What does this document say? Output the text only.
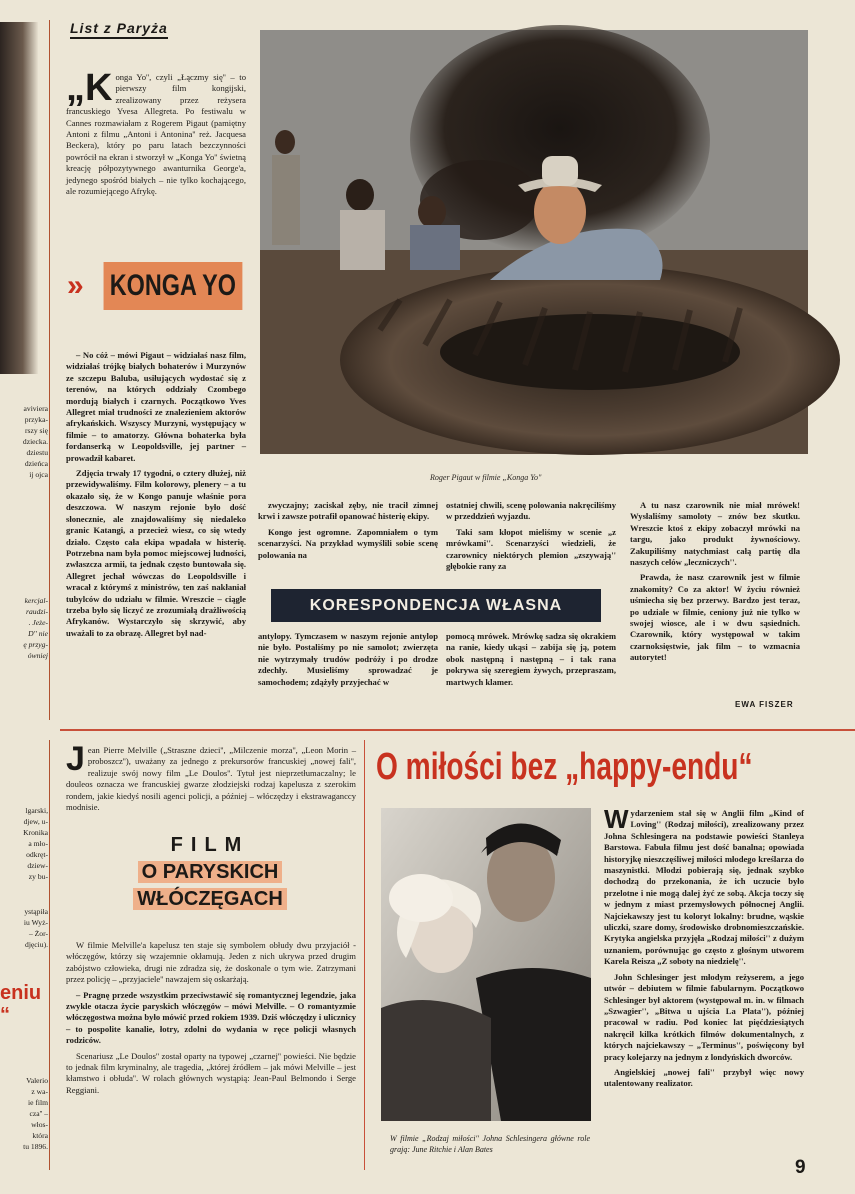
aviviera
przyka-
rszy się
dziecka.
dziestu
dzieńca
ij ojca
kercjal-
raudzi-
. Jeże-
D'' nie
ę przyg-
ówniej
lgarski,
djew, u-
Kronika
a mło-
odkręt-
dziew-
zy bu-
ystąpiła
iu Wyż-
– Żor-
djęciu).
eniu
“
Valerio
z wa-
ie film
cza'' –
włos-
która
tu 1896.
List z Paryża
„K onga Yo'', czyli „Łączmy się'' – to pierwszy film kongijski, zrealizowany przez reżysera francuskiego Yvesa Allegreta. Po festiwalu w Cannes rozmawiałam z Rogerem Pigaut (pamiętny Antoni z filmu „Antoni i Antonina'' reż. Jacquesa Beckera), który po paru latach bezczynności powrócił na ekran i stworzył w „Konga Yo'' świetną kreację półpozytywnego awanturnika George'a, jedynego spośród białych – nie tylko kochającego, ale rozumiejącego Afrykę.
» KONGA YO
Roger Pigaut w filmie „Konga Yo''

– No cóż – mówi Pigaut – widziałaś nasz film, widziałaś trójkę białych bohaterów i Murzynów ze szczepu Baluba, usiłujących wydostać się z terenów, na których oddziały Czombego mordują białych i czarnych. Początkowo Yves Allegret miał trudności ze znalezieniem aktorów afrykańskich. Wszyscy Murzyni, występujący w filmie – to amatorzy. Główna bohaterka była fordanserką w Leopoldsville, jej partner – prowadził kabaret.

Zdjęcia trwały 17 tygodni, o cztery dłużej, niż przewidywaliśmy. Film kolorowy, plenery – a tu okazało się, że w Kongo panuje właśnie pora deszczowa. W naszym rejonie było dość słonecznie, ale znajdowaliśmy się niedaleko granic Katangi, a przecież wiesz, co się wtedy działo. Często cała ekipa wpadała w histerię. Potrzebna nam była pomoc miejscowej ludności, zwłaszcza armii, ta jednak często buntowała się. Allegret jechał wówczas do Leopoldsville i wracał z którymś z ministrów, ten zaś nakłaniał tubylców do udziału w filmie. Wreszcie – ciągle trzeba było się liczyć ze zrozumiałą drażliwością Afrykanów. Wystarczyło się skrzywić, aby uważali to za obrazę. Allegret był nad-

zwyczajny; zaciskał zęby, nie tracił zimnej krwi i zawsze potrafił opanować histerię ekipy.

Kongo jest ogromne. Zapomniałem o tym scenarzyści. Na przykład wymyślili sobie scenę polowania na

antylopy. Tymczasem w naszym rejonie antylop nie było. Postaliśmy po nie samolot; zwierzęta nie wytrzymały trudów podróży i po drodze zdechły. Musieliśmy sprowadzać je samochodem; zdążyły przyjechać w

ostatniej chwili, scenę polowania nakręciliśmy w przeddzień wyjazdu.

Taki sam kłopot mieliśmy w scenie „z mrówkami''. Scenarzyści wiedzieli, że czarownicy niektórych plemion „zszywają'' głębokie rany za

pomocą mrówek. Mrówkę sadza się okrakiem na ranie, kiedy ukąsi – zabija się ją, potem obok następną i następną – i tak rana pokrywa się szeregiem żywych, przepraszam, martwych klamer.

KORESPONDENCJA WŁASNA

A tu nasz czarownik nie miał mrówek! Wysłaliśmy samoloty – znów bez skutku. Wreszcie ktoś z ekipy zobaczył mrówki na targu, jako produkt żywnościowy. Zakupiliśmy natychmiast całą partię dla naszych celów „leczniczych''.

Prawda, że nasz czarownik jest w filmie znakomity? Co za aktor! W życiu również uśmiecha się bez przerwy. Bardzo jest teraz, po udziale w filmie, ceniony już nie tylko w swojej wiosce, ale i w dwu sąsiednich. Czarownik, który występował w takim czarnoksięstwie, jak film – to wzmacnia autorytet!

EWA FISZER
J ean Pierre Melville („Straszne dzieci'', „Milczenie morza'', „Leon Morin – proboszcz''), uważany za jednego z prekursorów francuskiej „nowej fali'', realizuje swój nowy film „Le Doulos''. Tytuł jest nieprzetłumaczalny; le douleos oznacza we francuskiej gwarze złodziejski rodzaj kapelusza z szerokim rondem, jakie kiedyś nosili agenci policji, a później – włóczędzy i ekstrawaganccy modnisie.
FILM
O PARYSKICH
WŁÓCZĘGACH

W filmie Melville'a kapelusz ten staje się symbolem obłudy dwu przyjaciół - włóczęgów, którzy się wzajemnie okłamują. Jeden z nich ukrywa przed drugim zabójstwo człowieka, drugi nie zdradza się, że doskonale o tym wie. Zatrzymani przez policję – „przyjaciele'' nawzajem się oskarżają.

– Pragnę przede wszystkim przeciwstawić się romantycznej legendzie, jaka zwykle otacza życie paryskich włóczęgów – mówi Melville. – O romantyzmie włóczęgostwa można było mówić przed rokiem 1939. Dziś włóczędzy i ulicznicy – to pospolite kanalie, łotry, zdolni do wydania w ręce policji własnych rodziców.

Scenariusz „Le Doulos'' został oparty na typowej „czarnej'' powieści. Nie będzie to jednak film kryminalny, ale tragedia, „której źródłem – jak mówi Melville – jest kłamstwo i obłuda''. W rolach głównych wystąpią: Jean-Paul Belmondo i Serge Reggiani.

O miłości bez „happy-endu“
W filmie „Rodzaj miłości'' Johna Schlesingera główne role grają: June Ritchie i Alan Bates

Wydarzeniem stał się w Anglii film „Kind of Loving'' (Rodzaj miłości), zrealizowany przez Johna Schlesingera na podstawie powieści Stanleya Barstowa. Fabuła filmu jest dość banalna; opowiada historyjkę nieszczęśliwej miłości młodego kreślarza do maszynistki. Młodzi pobierają się, jednak szybko dochodzą do przekonania, że ich uczucie było przelotne i nie mogą dalej żyć ze sobą. Akcja toczy się w jednym z miast przemysłowych północnej Anglii. Najciekawszy jest tu koloryt lokalny: brudne, wąskie uliczki, szare domy, środowisko drobnomieszczańskie. Krytyka angielska przyjęła „Rodzaj miłości'' z dużym uznaniem, porównując go często z głośnym utworem Karela Reisza „Z soboty na niedzielę''.

John Schlesinger jest młodym reżyserem, a jego utwór – debiutem w filmie fabularnym. Początkowo Schlesinger był aktorem (występował m. in. w filmach „Szwagier'', „Bitwa u ujścia La Plata''), później pracował w radiu. Pod koniec lat pięćdziesiątych nakręcił kilka krótkich filmów dokumentalnych, z których najciekawszy – „Terminus'', poświęcony był pracy kolejarzy na jednym z londyńskich dworców.

Angielskiej „nowej fali'' przybył więc nowy utalentowany realizator.

9
